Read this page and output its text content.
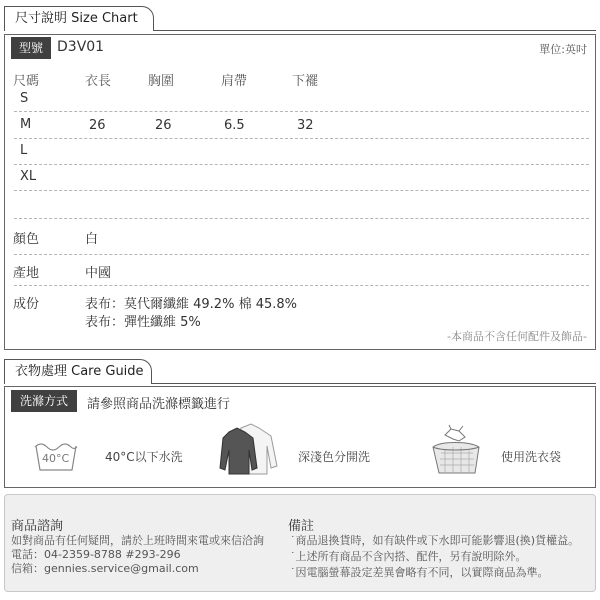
尺寸說明 Size Chart
型號	D3V01	單位:英吋
尺碼	衣長	胸圍	肩帶	下襬
S
M	26	26	6.5	32
L
XL
顏色	白
產地	中國
成份	表布：莫代爾纖維 49.2% 棉 45.8%
表布：彈性纖維 5%
-本商品不含任何配件及飾品-
衣物處理 Care Guide
洗滌方式	請參照商品洗滌標籤進行
40°C	40°C以下水洗	深淺色分開洗	使用洗衣袋
商品諮詢
如對商品有任何疑問，請於上班時間來電或來信洽詢
電話：04-2359-8788 #293-296
信箱：gennies.service@gmail.com
備註
˙商品退換貨時，如有缺件或下水即可能影響退(換)貨權益。
˙上述所有商品不含內搭、配件，另有說明除外。
˙因電腦螢幕設定差異會略有不同，以實際商品為準。
